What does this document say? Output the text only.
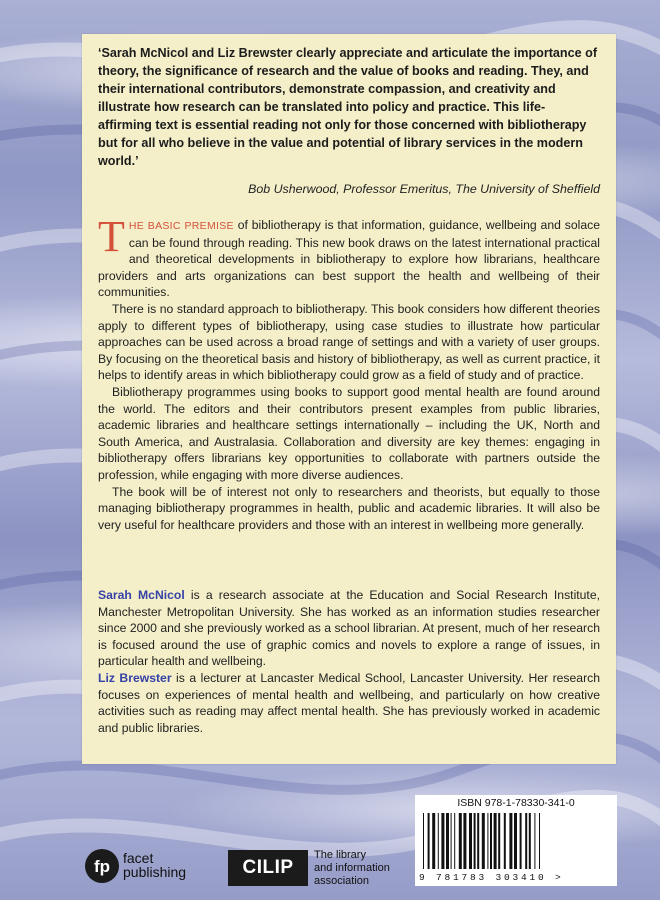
‘Sarah McNicol and Liz Brewster clearly appreciate and articulate the importance of theory, the significance of research and the value of books and reading. They, and their international contributors, demonstrate compassion, and creativity and illustrate how research can be translated into policy and practice. This life-affirming text is essential reading not only for those concerned with bibliotherapy but for all who believe in the value and potential of library services in the modern world.’
Bob Usherwood, Professor Emeritus, The University of Sheffield

THE BASIC PREMISE of bibliotherapy is that information, guidance, wellbeing and solace can be found through reading. This new book draws on the latest international practical and theoretical developments in bibliotherapy to explore how librarians, healthcare providers and arts organizations can best support the health and wellbeing of their communities.

There is no standard approach to bibliotherapy. This book considers how different theories apply to different types of bibliotherapy, using case studies to illustrate how particular approaches can be used across a broad range of settings and with a variety of user groups. By focusing on the theoretical basis and history of bibliotherapy, as well as current practice, it helps to identify areas in which bibliotherapy could grow as a field of study and of practice.

Bibliotherapy programmes using books to support good mental health are found around the world. The editors and their contributors present examples from public libraries, academic libraries and healthcare settings internationally – including the UK, North and South America, and Australasia. Collaboration and diversity are key themes: engaging in bibliotherapy offers librarians key opportunities to collaborate with partners outside the profession, while engaging with more diverse audiences.

The book will be of interest not only to researchers and theorists, but equally to those managing bibliotherapy programmes in health, public and academic libraries. It will also be very useful for healthcare providers and those with an interest in wellbeing more generally.

Sarah McNicol is a research associate at the Education and Social Research Institute, Manchester Metropolitan University. She has worked as an information studies researcher since 2000 and she previously worked as a school librarian. At present, much of her research is focused around the use of graphic comics and novels to explore a range of issues, in particular health and wellbeing.

Liz Brewster is a lecturer at Lancaster Medical School, Lancaster University. Her research focuses on experiences of mental health and wellbeing, and particularly on how creative activities such as reading may affect mental health. She has previously worked in academic and public libraries.

ISBN 978-1-78330-341-0
9 781783 303410 >
fp facet
publishing	CILIP
The library
and information
association
